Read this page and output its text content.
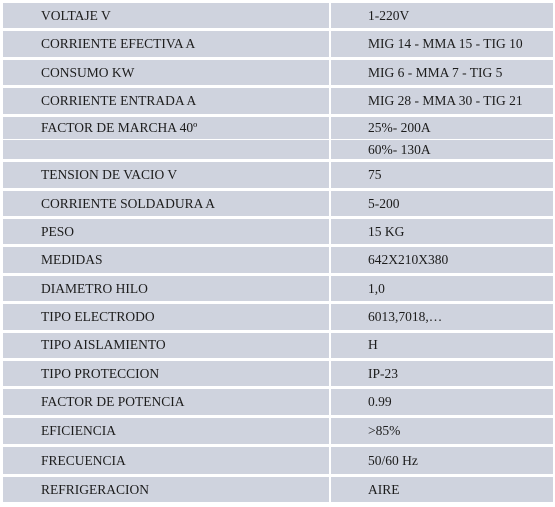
VOLTAJE V	1-220V
CORRIENTE EFECTIVA A	MIG 14 - MMA 15 - TIG 10
CONSUMO KW	MIG 6 - MMA 7 - TIG 5
CORRIENTE ENTRADA A	MIG 28 - MMA 30 - TIG 21
FACTOR DE MARCHA 40º	25%- 200A
	60%- 130A
TENSION DE VACIO V	75
CORRIENTE SOLDADURA A	5-200
PESO	15 KG
MEDIDAS	642X210X380
DIAMETRO HILO	1,0
TIPO ELECTRODO	6013,7018,…
TIPO AISLAMIENTO	H
TIPO PROTECCION	IP-23
FACTOR DE POTENCIA	0.99
EFICIENCIA	>85%
FRECUENCIA	50/60 Hz
REFRIGERACION	AIRE
